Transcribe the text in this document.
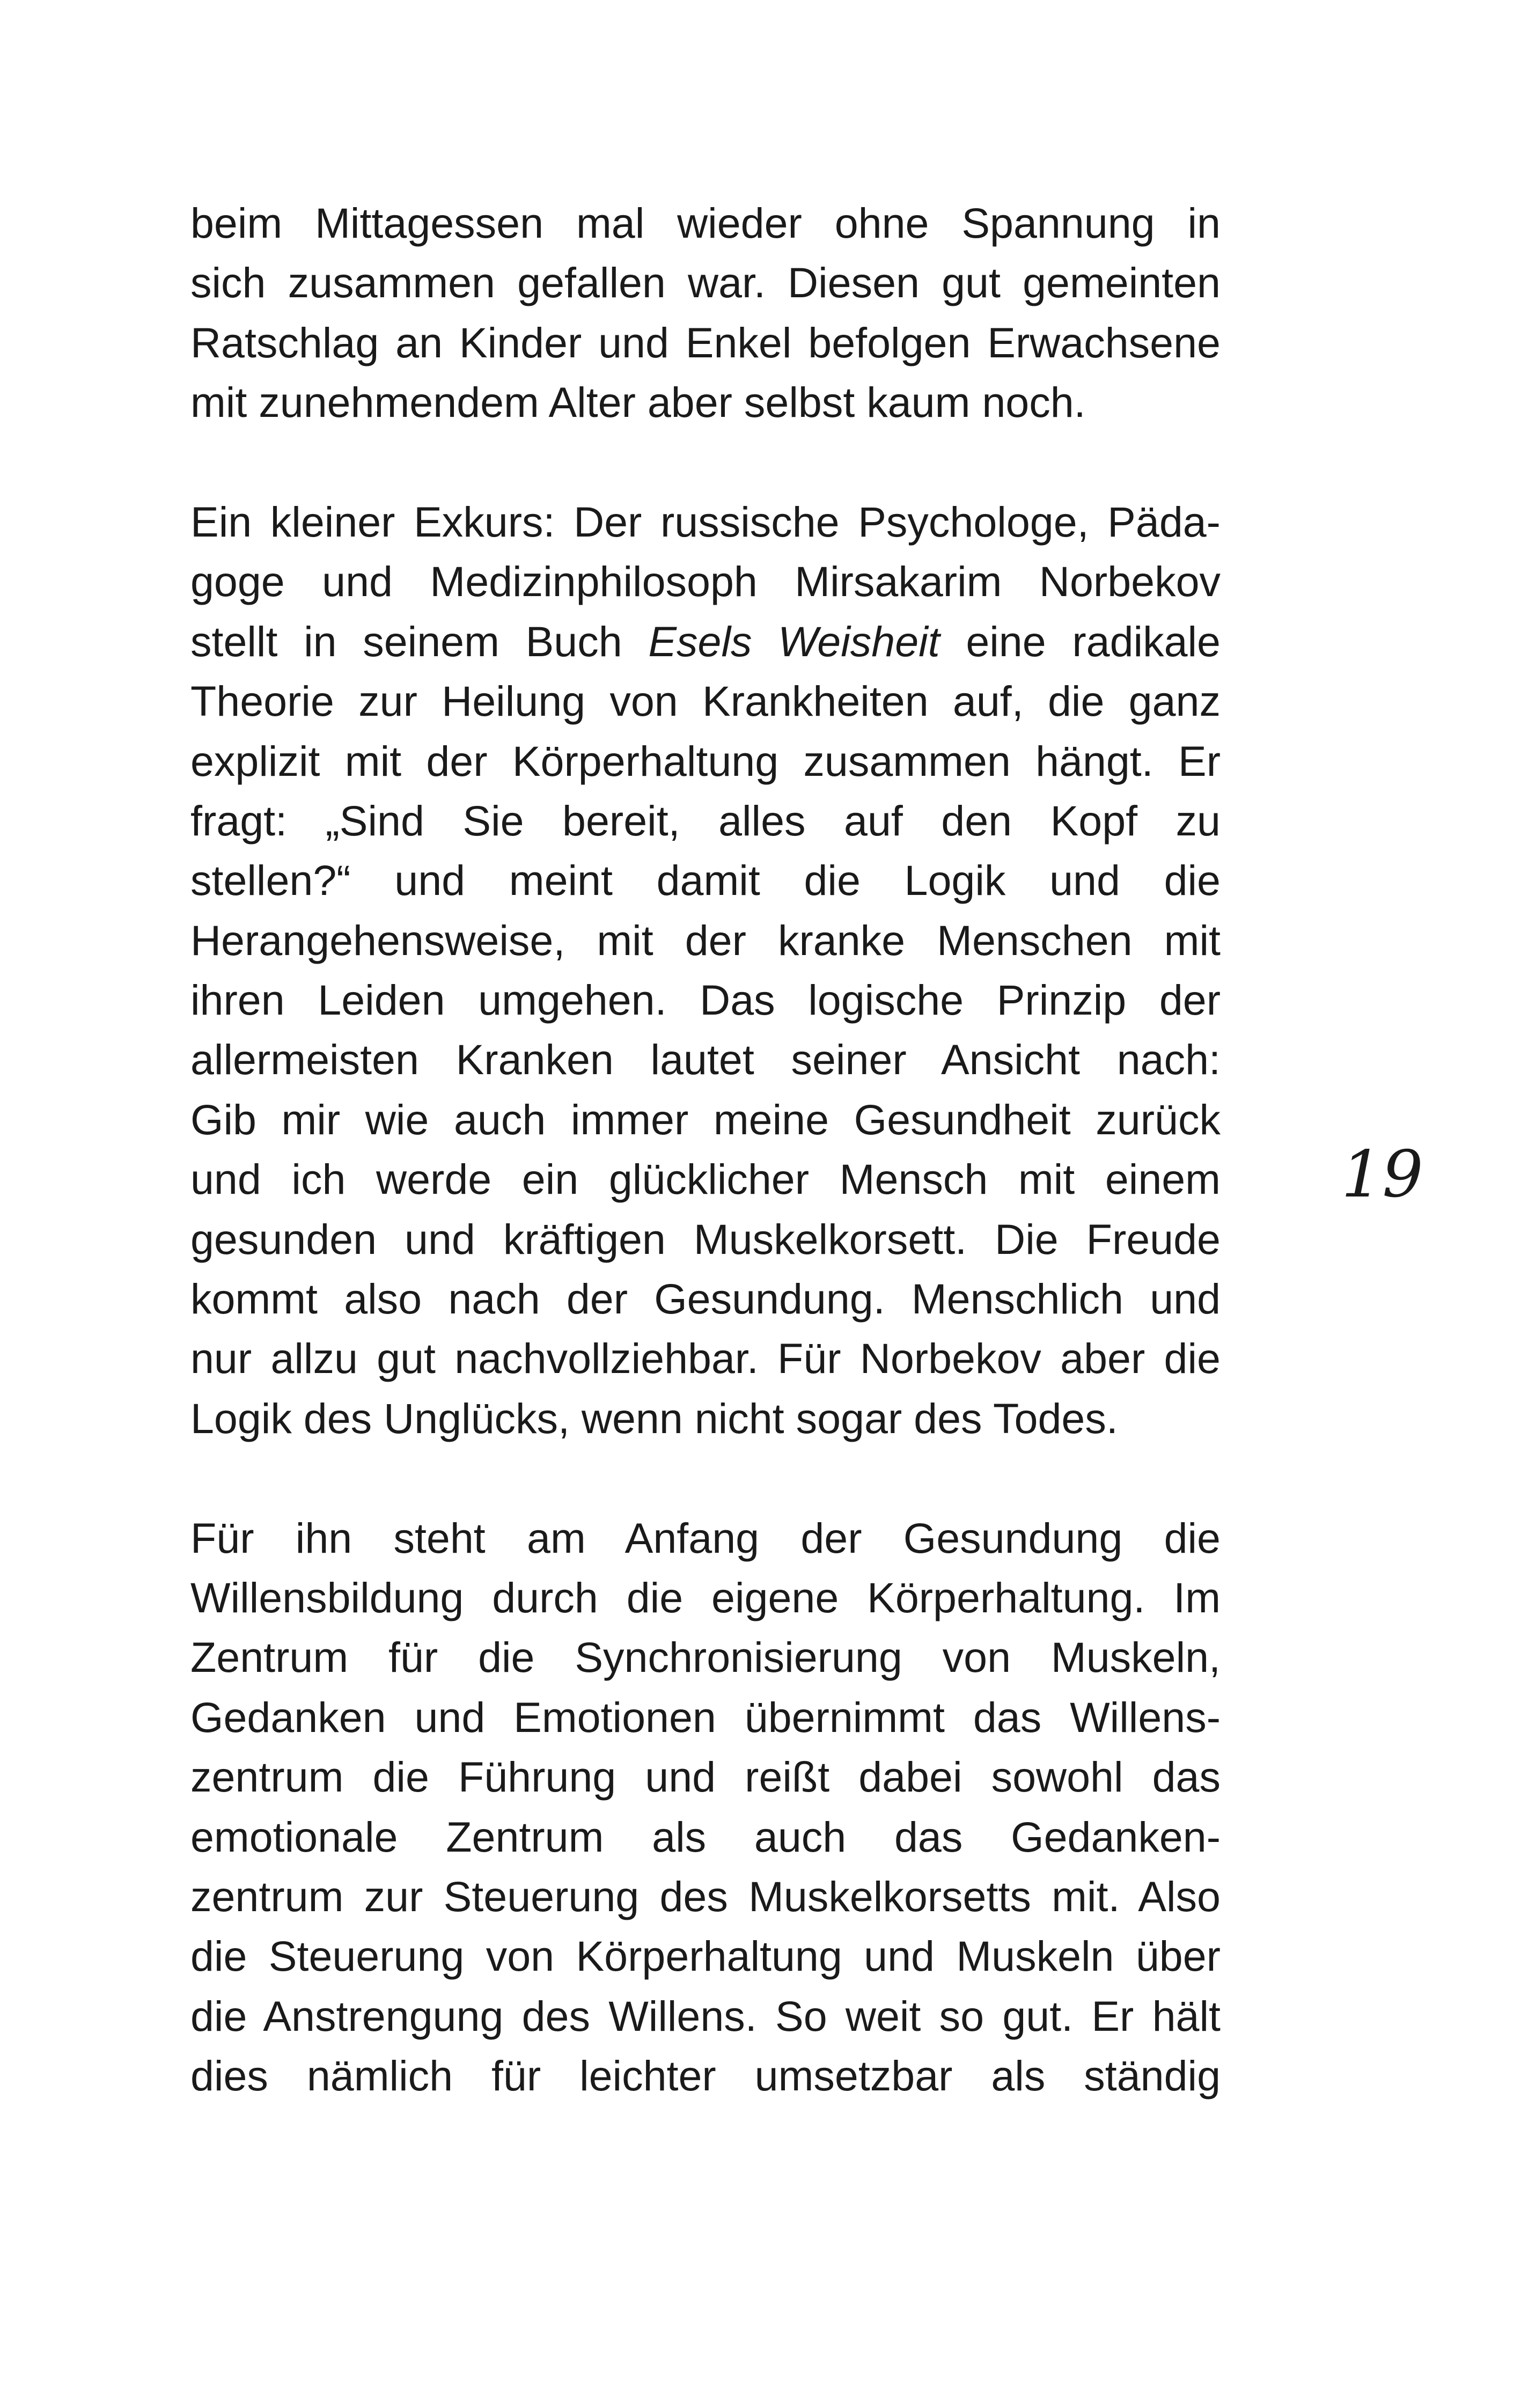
beim Mittagessen mal wieder ohne Spannung in
sich zusammen gefallen war. Diesen gut gemeinten
Ratschlag an Kinder und Enkel befolgen Erwachsene
mit zunehmendem Alter aber selbst kaum noch.
Ein kleiner Exkurs: Der russische Psychologe, Päda-
goge und Medizinphilosoph Mirsakarim Norbekov
stellt in seinem Buch Esels Weisheit eine radikale
Theorie zur Heilung von Krankheiten auf, die ganz
explizit mit der Körperhaltung zusammen hängt. Er
fragt: „Sind Sie bereit, alles auf den Kopf zu
stellen?“ und meint damit die Logik und die
Herangehensweise, mit der kranke Menschen mit
ihren Leiden umgehen. Das logische Prinzip der
allermeisten Kranken lautet seiner Ansicht nach:
Gib mir wie auch immer meine Gesundheit zurück
und ich werde ein glücklicher Mensch mit einem
gesunden und kräftigen Muskelkorsett. Die Freude
kommt also nach der Gesundung. Menschlich und
nur allzu gut nachvollziehbar. Für Norbekov aber die
Logik des Unglücks, wenn nicht sogar des Todes.
Für ihn steht am Anfang der Gesundung die
Willensbildung durch die eigene Körperhaltung. Im
Zentrum für die Synchronisierung von Muskeln,
Gedanken und Emotionen übernimmt das Willens-
zentrum die Führung und reißt dabei sowohl das
emotionale Zentrum als auch das Gedanken-
zentrum zur Steuerung des Muskelkorsetts mit. Also
die Steuerung von Körperhaltung und Muskeln über
die Anstrengung des Willens. So weit so gut. Er hält
dies nämlich für leichter umsetzbar als ständig
19
